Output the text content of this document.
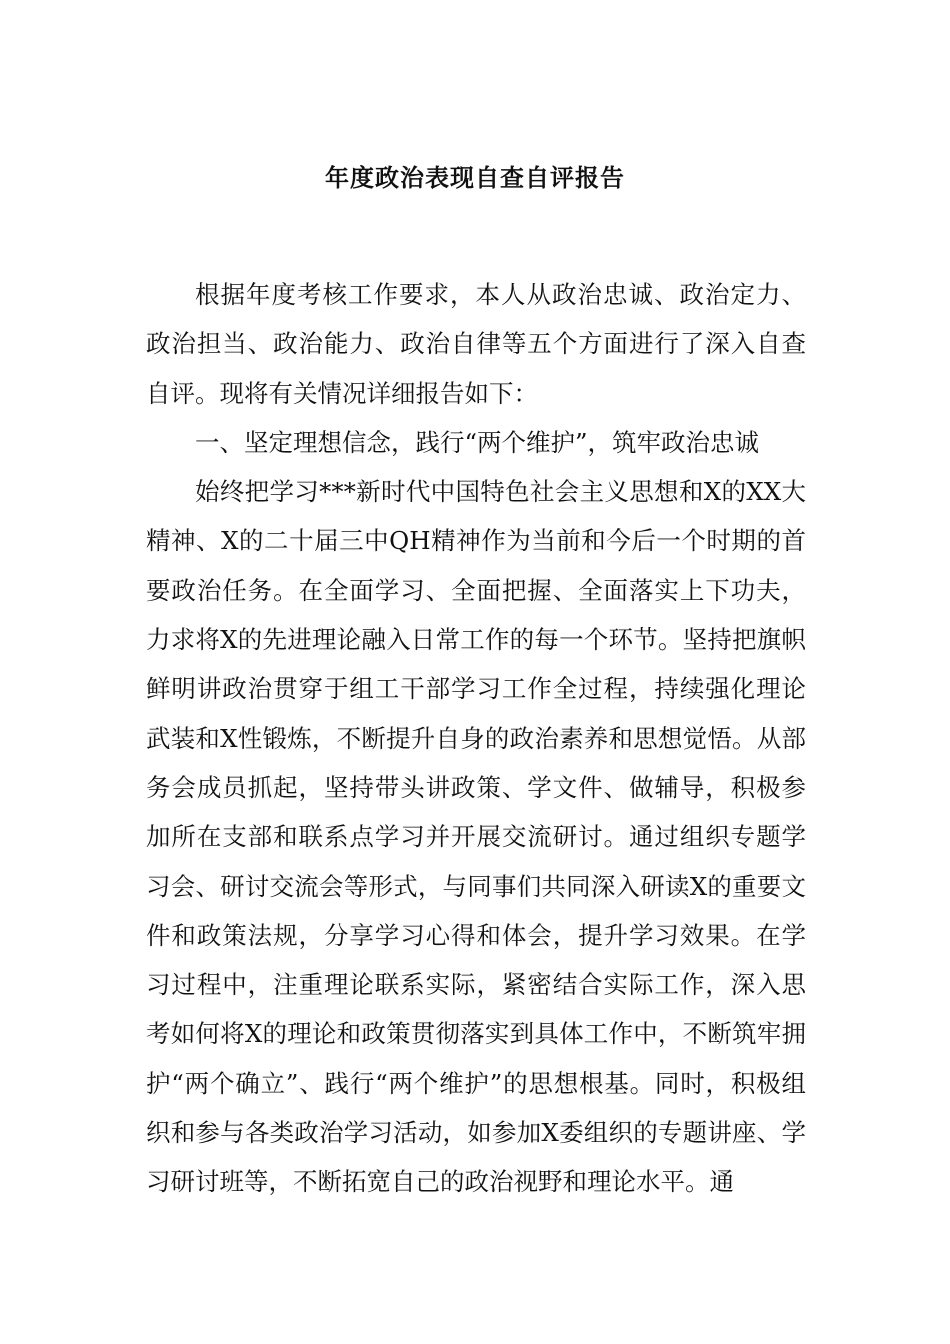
年度政治表现自查自评报告

根据年度考核工作要求，本人从政治忠诚、政治定力、政治担当、政治能力、政治自律等五个方面进行了深入自查自评。现将有关情况详细报告如下：

一、坚定理想信念，践行“两个维护”，筑牢政治忠诚

始终把学习***新时代中国特色社会主义思想和X的XX大精神、X的二十届三中QH精神作为当前和今后一个时期的首要政治任务。在全面学习、全面把握、全面落实上下功夫，力求将X的先进理论融入日常工作的每一个环节。坚持把旗帜鲜明讲政治贯穿于组工干部学习工作全过程，持续强化理论武装和X性锻炼，不断提升自身的政治素养和思想觉悟。从部务会成员抓起，坚持带头讲政策、学文件、做辅导，积极参加所在支部和联系点学习并开展交流研讨。通过组织专题学习会、研讨交流会等形式，与同事们共同深入研读X的重要文件和政策法规，分享学习心得和体会，提升学习效果。在学习过程中，注重理论联系实际，紧密结合实际工作，深入思考如何将X的理论和政策贯彻落实到具体工作中，不断筑牢拥护“两个确立”、践行“两个维护”的思想根基。同时，积极组织和参与各类政治学习活动，如参加X委组织的专题讲座、学习研讨班等，不断拓宽自己的政治视野和理论水平。通
